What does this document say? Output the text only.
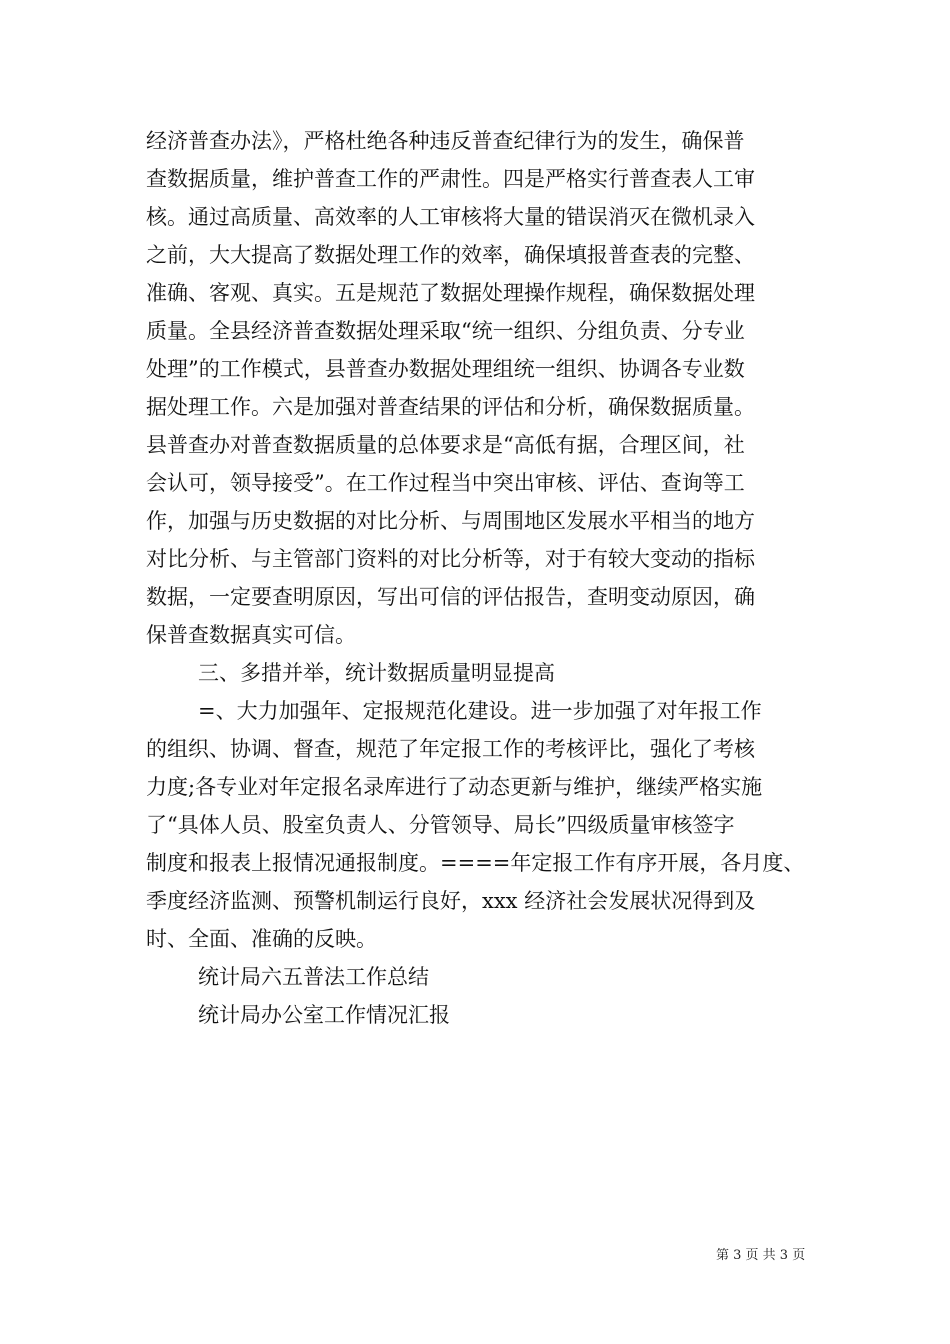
经济普查办法》，严格杜绝各种违反普查纪律行为的发生，确保普
查数据质量，维护普查工作的严肃性。四是严格实行普查表人工审
核。通过高质量、高效率的人工审核将大量的错误消灭在微机录入
之前，大大提高了数据处理工作的效率，确保填报普查表的完整、
准确、客观、真实。五是规范了数据处理操作规程，确保数据处理
质量。全县经济普查数据处理采取“统一组织、分组负责、分专业
处理”的工作模式，县普查办数据处理组统一组织、协调各专业数
据处理工作。六是加强对普查结果的评估和分析，确保数据质量。
县普查办对普查数据质量的总体要求是“高低有据，合理区间，社
会认可，领导接受”。在工作过程当中突出审核、评估、查询等工
作，加强与历史数据的对比分析、与周围地区发展水平相当的地方
对比分析、与主管部门资料的对比分析等，对于有较大变动的指标
数据，一定要查明原因，写出可信的评估报告，查明变动原因，确
保普查数据真实可信。
三、多措并举，统计数据质量明显提高
=、大力加强年、定报规范化建设。进一步加强了对年报工作
的组织、协调、督查，规范了年定报工作的考核评比，强化了考核
力度;各专业对年定报名录库进行了动态更新与维护，继续严格实施
了“具体人员、股室负责人、分管领导、局长”四级质量审核签字
制度和报表上报情况通报制度。====年定报工作有序开展，各月度、
季度经济监测、预警机制运行良好，xxx 经济社会发展状况得到及
时、全面、准确的反映。
统计局六五普法工作总结
统计局办公室工作情况汇报
第 3 页 共 3 页
